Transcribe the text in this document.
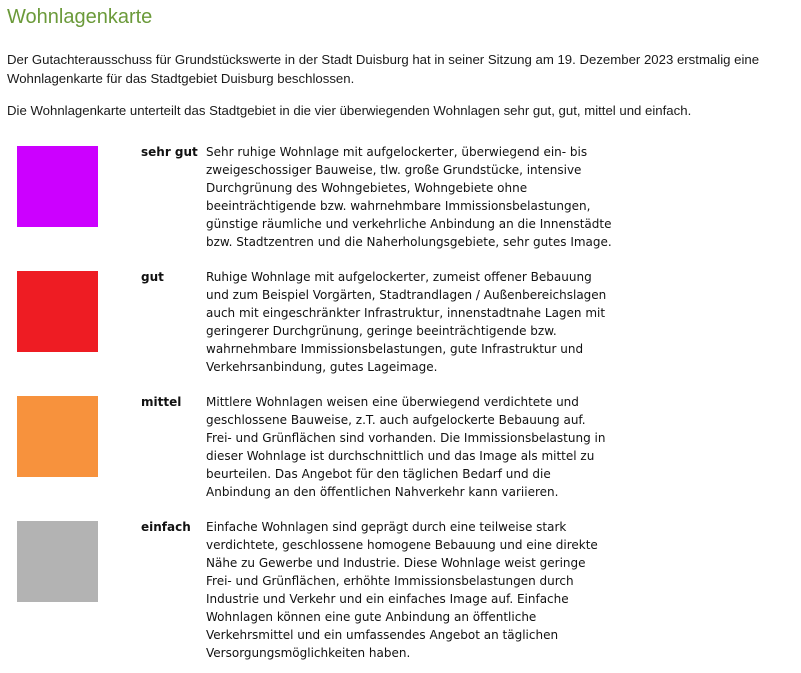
Wohnlagenkarte

Der Gutachterausschuss für Grundstückswerte in der Stadt Duisburg hat in seiner Sitzung am 19. Dezember 2023 erstmalig eine
Wohnlagenkarte für das Stadtgebiet Duisburg beschlossen.

Die Wohnlagenkarte unterteilt das Stadtgebiet in die vier überwiegenden Wohnlagen sehr gut, gut, mittel und einfach.

sehr gut Sehr ruhige Wohnlage mit aufgelockerter, überwiegend ein- bis
zweigeschossiger Bauweise, tlw. große Grundstücke, intensive
Durchgrünung des Wohngebietes, Wohngebiete ohne
beeinträchtigende bzw. wahrnehmbare Immissionsbelastungen,
günstige räumliche und verkehrliche Anbindung an die Innenstädte
bzw. Stadtzentren und die Naherholungsgebiete, sehr gutes Image.
gut	Ruhige Wohnlage mit aufgelockerter, zumeist offener Bebauung
und zum Beispiel Vorgärten, Stadtrandlagen / Außenbereichslagen
auch mit eingeschränkter Infrastruktur, innenstadtnahe Lagen mit
geringerer Durchgrünung, geringe beeinträchtigende bzw.
wahrnehmbare Immissionsbelastungen, gute Infrastruktur und
Verkehrsanbindung, gutes Lageimage.
mittel Mittlere Wohnlagen weisen eine überwiegend verdichtete und
geschlossene Bauweise, z.T. auch aufgelockerte Bebauung auf.
Frei- und Grünflächen sind vorhanden. Die Immissionsbelastung in
dieser Wohnlage ist durchschnittlich und das Image als mittel zu
beurteilen. Das Angebot für den täglichen Bedarf und die
Anbindung an den öffentlichen Nahverkehr kann variieren.
einfach Einfache Wohnlagen sind geprägt durch eine teilweise stark
verdichtete, geschlossene homogene Bebauung und eine direkte
Nähe zu Gewerbe und Industrie. Diese Wohnlage weist geringe
Frei- und Grünflächen, erhöhte Immissionsbelastungen durch
Industrie und Verkehr und ein einfaches Image auf. Einfache
Wohnlagen können eine gute Anbindung an öffentliche
Verkehrsmittel und ein umfassendes Angebot an täglichen
Versorgungsmöglichkeiten haben.
